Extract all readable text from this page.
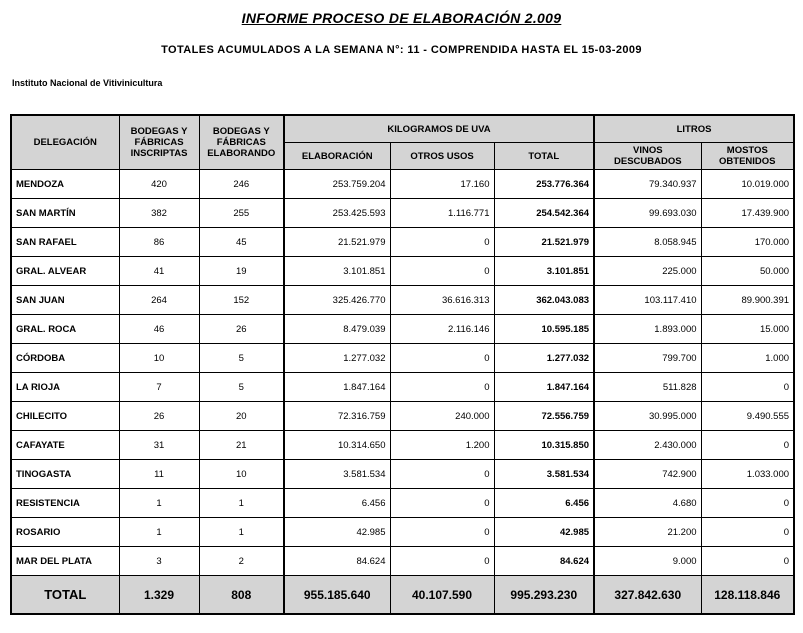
INFORME PROCESO DE ELABORACIÓN 2.009
TOTALES ACUMULADOS A LA SEMANA N°: 11 - COMPRENDIDA HASTA EL 15-03-2009
Instituto Nacional de Vitivinicultura
DELEGACIÓN	BODEGAS Y FÁBRICAS INSCRIPTAS	BODEGAS Y FÁBRICAS ELABORANDO	KILOGRAMOS DE UVA			LITROS	
			ELABORACIÓN	OTROS USOS	TOTAL	VINOS DESCUBADOS	MOSTOS OBTENIDOS
MENDOZA	420	246	253.759.204	17.160	253.776.364	79.340.937	10.019.000
SAN MARTÍN	382	255	253.425.593	1.116.771	254.542.364	99.693.030	17.439.900
SAN RAFAEL	86	45	21.521.979	0	21.521.979	8.058.945	170.000
GRAL. ALVEAR	41	19	3.101.851	0	3.101.851	225.000	50.000
SAN JUAN	264	152	325.426.770	36.616.313	362.043.083	103.117.410	89.900.391
GRAL. ROCA	46	26	8.479.039	2.116.146	10.595.185	1.893.000	15.000
CÓRDOBA	10	5	1.277.032	0	1.277.032	799.700	1.000
LA RIOJA	7	5	1.847.164	0	1.847.164	511.828	0
CHILECITO	26	20	72.316.759	240.000	72.556.759	30.995.000	9.490.555
CAFAYATE	31	21	10.314.650	1.200	10.315.850	2.430.000	0
TINOGASTA	11	10	3.581.534	0	3.581.534	742.900	1.033.000
RESISTENCIA	1	1	6.456	0	6.456	4.680	0
ROSARIO	1	1	42.985	0	42.985	21.200	0
MAR DEL PLATA	3	2	84.624	0	84.624	9.000	0
TOTAL	1.329	808	955.185.640	40.107.590	995.293.230	327.842.630	128.118.846
